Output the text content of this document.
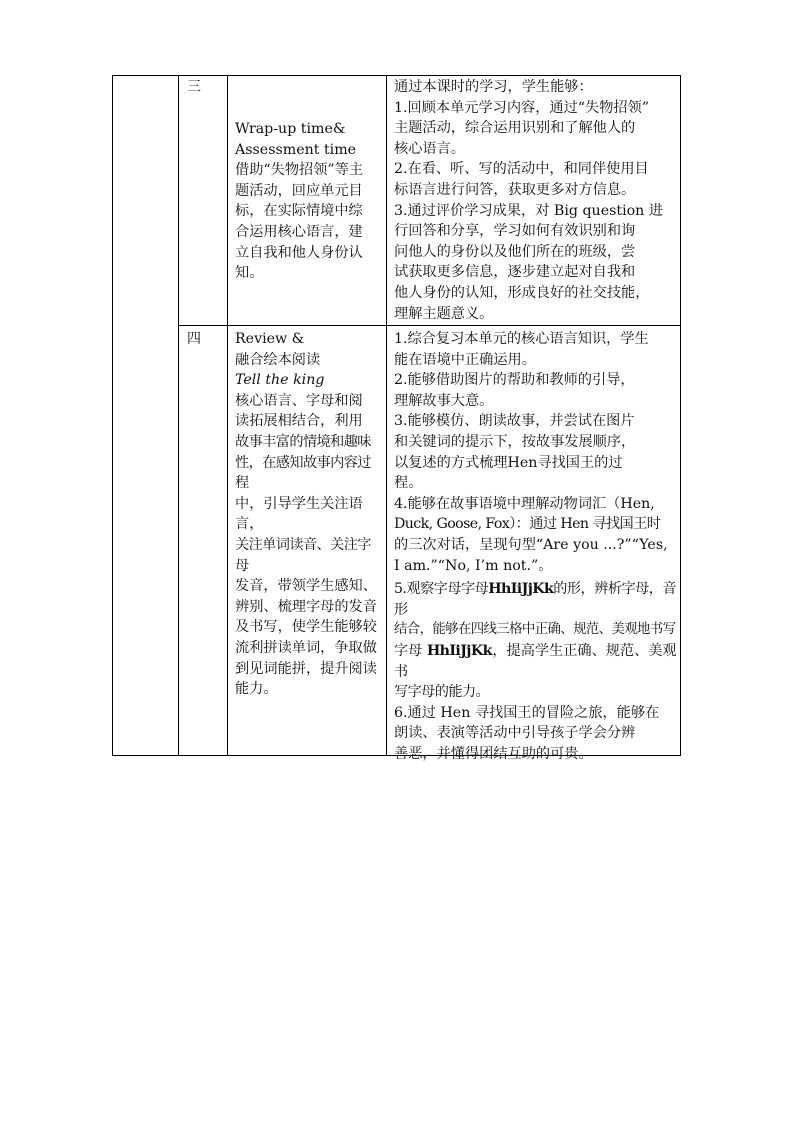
三

Wrap-up time&

Assessment time

借助“失物招领”等主

题活动，回应单元目

标，在实际情境中综

合运用核心语言，建

立自我和他人身份认

知。

通过本课时的学习，学生能够：

1.回顾本单元学习内容，通过“失物招领”

主题活动，综合运用识别和了解他人的

核心语言。

2.在看、听、写的活动中，和同伴使用目

标语言进行问答，获取更多对方信息。

3.通过评价学习成果，对 Big question 进

行回答和分享，学习如何有效识别和询

问他人的身份以及他们所在的班级，尝

试获取更多信息，逐步建立起对自我和

他人身份的认知，形成良好的社交技能，

理解主题意义。

四 Review &

融合绘本阅读

Tell the king

核心语言、字母和阅

读拓展相结合，利用

故事丰富的情境和趣味

性，在感知故事内容过程

中，引导学生关注语言，

关注单词读音、关注字母

发音，带领学生感知、

辨别、梳理字母的发音

及书写，使学生能够较

流利拼读单词，争取做

到见词能拼，提升阅读

能力。

1.综合复习本单元的核心语言知识，学生

能在语境中正确运用。

2.能够借助图片的帮助和教师的引导，

理解故事大意。

3.能够模仿、朗读故事，并尝试在图片

和关键词的提示下，按故事发展顺序，

以复述的方式梳理Hen寻找国王的过

程。

4.能够在故事语境中理解动物词汇（Hen,

Duck, Goose, Fox）：通过 Hen 寻找国王时

的三次对话，呈现句型“Are you ...?”“Yes,

I am.”“No, I’m not.”。

5.观察字母字母HhIiJjKk的形，辨析字母，音形

结合，能够在四线三格中正确、规范、美观地书写

字母 HhIiJjKk，提高学生正确、规范、美观书

写字母的能力。

6.通过 Hen 寻找国王的冒险之旅，能够在

朗读、表演等活动中引导孩子学会分辨

善恶，并懂得团结互助的可贵。
